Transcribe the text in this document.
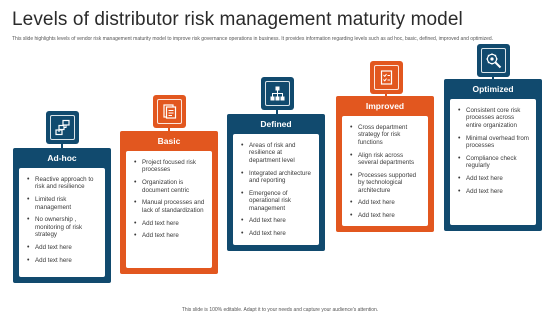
Levels of distributor risk management maturity model
This slide highlights levels of vendor risk management maturity model to improve risk governance operations in business. It provides information regarding levels such as ad hoc, basic, defined, improved and optimized.
Ad-hoc
• Reactive approach to risk and resilience
• Limited risk management
• No ownership , monitoring of risk strategy
• Add text here
• Add text here
Basic
• Project focused risk processes
• Organization is document centric
• Manual processes and lack of standardization
• Add text here
• Add text here
Defined
• Areas of risk and resilience at department level
• Integrated architecture and reporting
• Emergence of operational risk management
• Add text here
• Add text here
Improved
• Cross department strategy for risk functions
• Align risk across several departments
• Processes supported by technological architecture
• Add text here
• Add text here
Optimized
• Consistent core risk processes across entire organization
• Minimal overhead from processes
• Compliance check regularly
• Add text here
• Add text here
This slide is 100% editable. Adapt it to your needs and capture your audience's attention.
